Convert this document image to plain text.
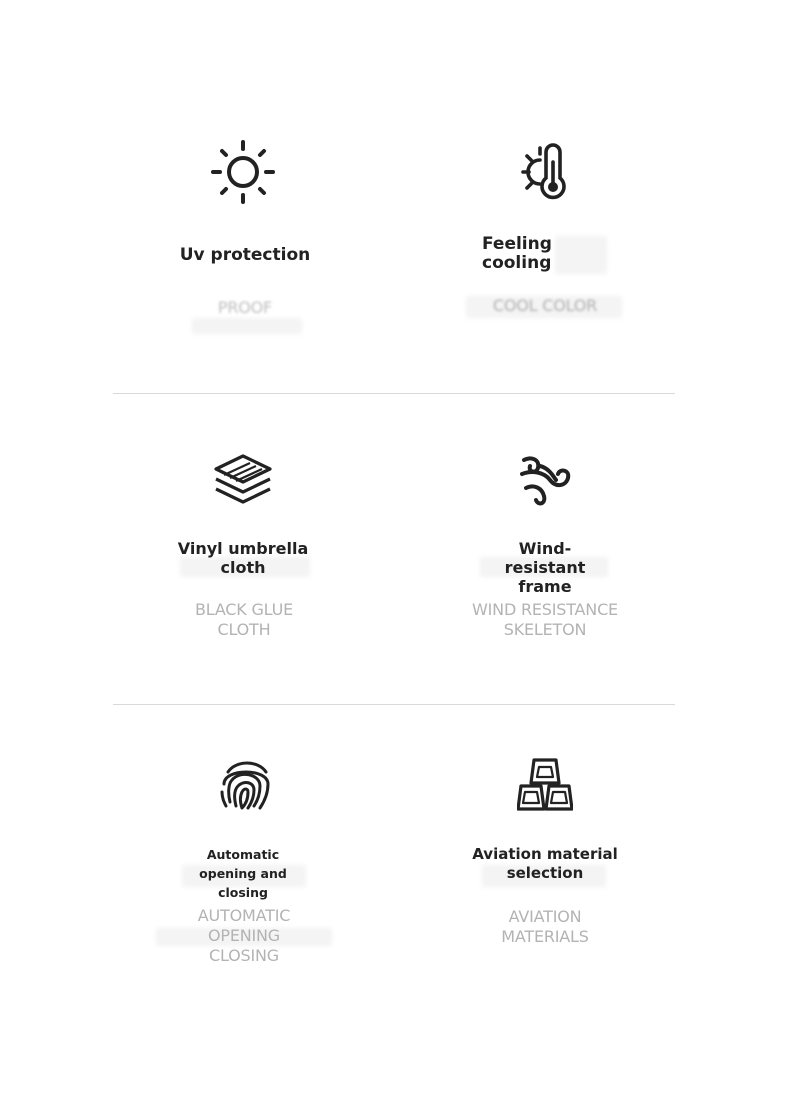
Uv protection
PROOF
Feeling cooling
COOL COLOR
Vinyl umbrella cloth
BLACK GLUE CLOTH
Wind-resistant frame
WIND RESISTANCE SKELETON
Automatic opening and closing
AUTOMATIC OPENING CLOSING
Aviation material selection
AVIATION MATERIALS
